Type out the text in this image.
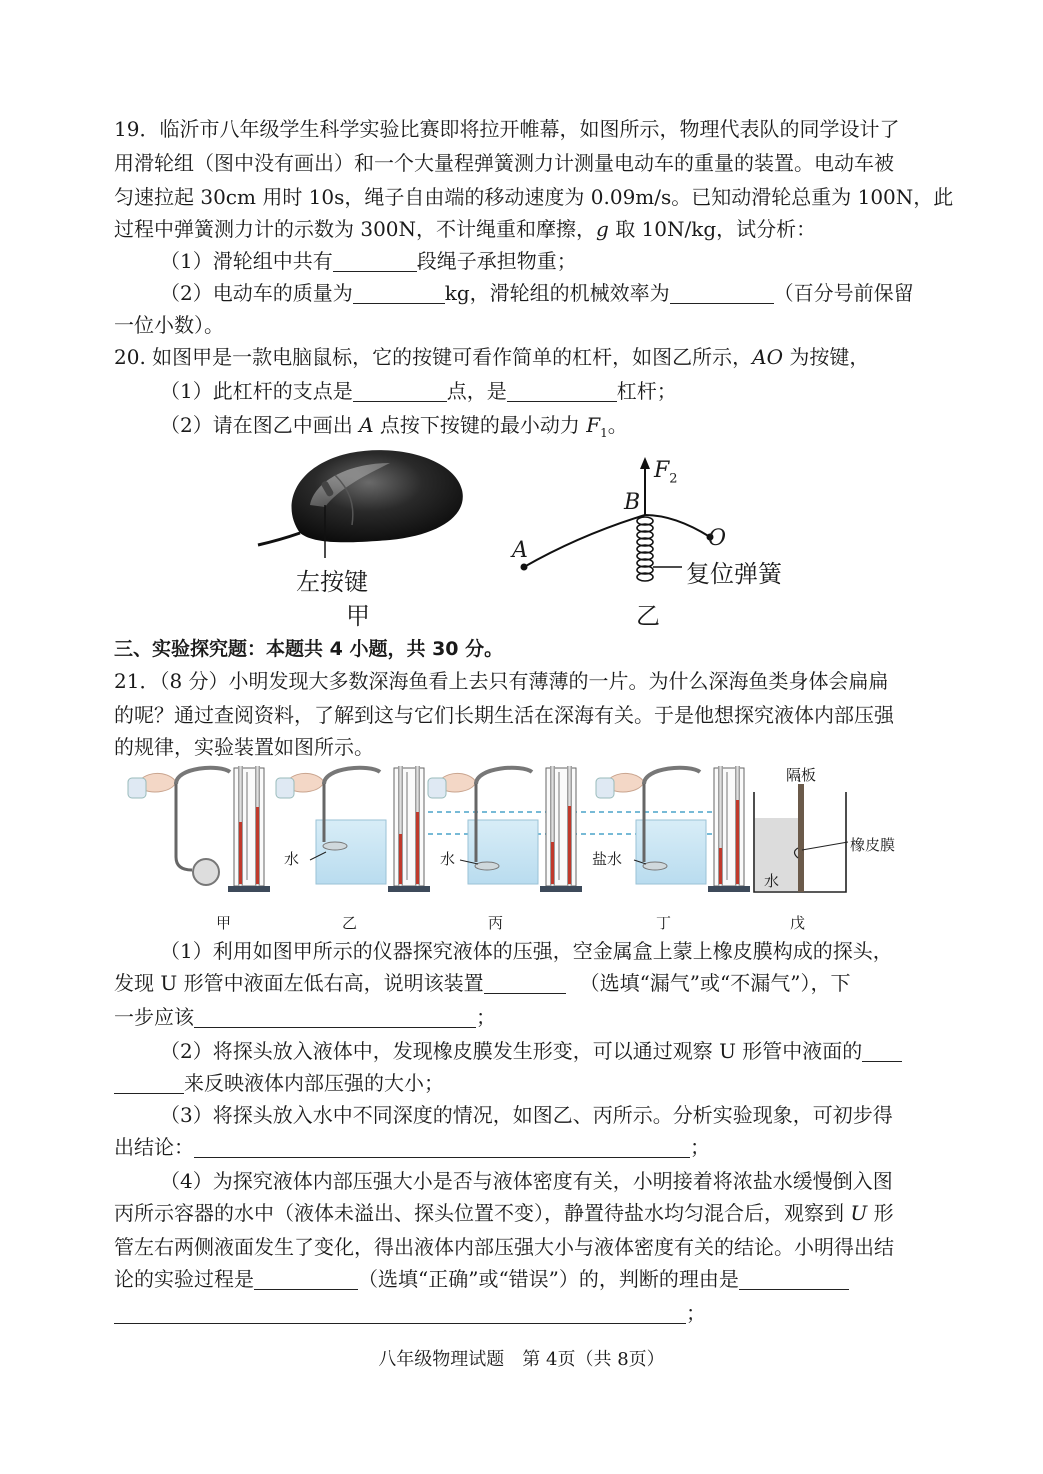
19．临沂市八年级学生科学实验比赛即将拉开帷幕，如图所示，物理代表队的同学设计了
用滑轮组（图中没有画出）和一个大量程弹簧测力计测量电动车的重量的装置。电动车被
匀速拉起 30cm 用时 10s，绳子自由端的移动速度为 0.09m/s。已知动滑轮总重为 100N，此
过程中弹簧测力计的示数为 300N，不计绳重和摩擦，g 取 10N/kg，试分析：
（1）滑轮组中共有	段绳子承担物重；
（2）电动车的质量为	kg，滑轮组的机械效率为	（百分号前保留
一位小数）。
20. 如图甲是一款电脑鼠标，它的按键可看作简单的杠杆，如图乙所示，AO 为按键，
（1）此杠杆的支点是	点，是	杠杆；
（2）请在图乙中画出 A 点按下按键的最小动力 $F_1$。
左按键
甲
A
B
O
$F_2$
复位弹簧
乙
三、实验探究题：本题共 4 小题，共 30 分。
21．（8 分）小明发现大多数深海鱼看上去只有薄薄的一片。为什么深海鱼类身体会扁扁
的呢？通过查阅资料，了解到这与它们长期生活在深海有关。于是他想探究液体内部压强
的规律，实验装置如图所示。
水	水	盐水
水
隔板
橡皮膜
甲	乙	丙	丁	戊
（1）利用如图甲所示的仪器探究液体的压强，空金属盒上蒙上橡皮膜构成的探头，
发现 U 形管中液面左低右高，说明该装置	（选填“漏气”或“不漏气”），下
一步应该	；
（2）将探头放入液体中，发现橡皮膜发生形变，可以通过观察 U 形管中液面的
来反映液体内部压强的大小；
（3）将探头放入水中不同深度的情况，如图乙、丙所示。分析实验现象，可初步得
出结论：	；
（4）为探究液体内部压强大小是否与液体密度有关，小明接着将浓盐水缓慢倒入图
丙所示容器的水中（液体未溢出、探头位置不变），静置待盐水均匀混合后，观察到 U 形
管左右两侧液面发生了变化，得出液体内部压强大小与液体密度有关的结论。小明得出结
论的实验过程是	（选填“正确”或“错误”）的，判断的理由是
；
八年级物理试题　第 4页（共 8页）
